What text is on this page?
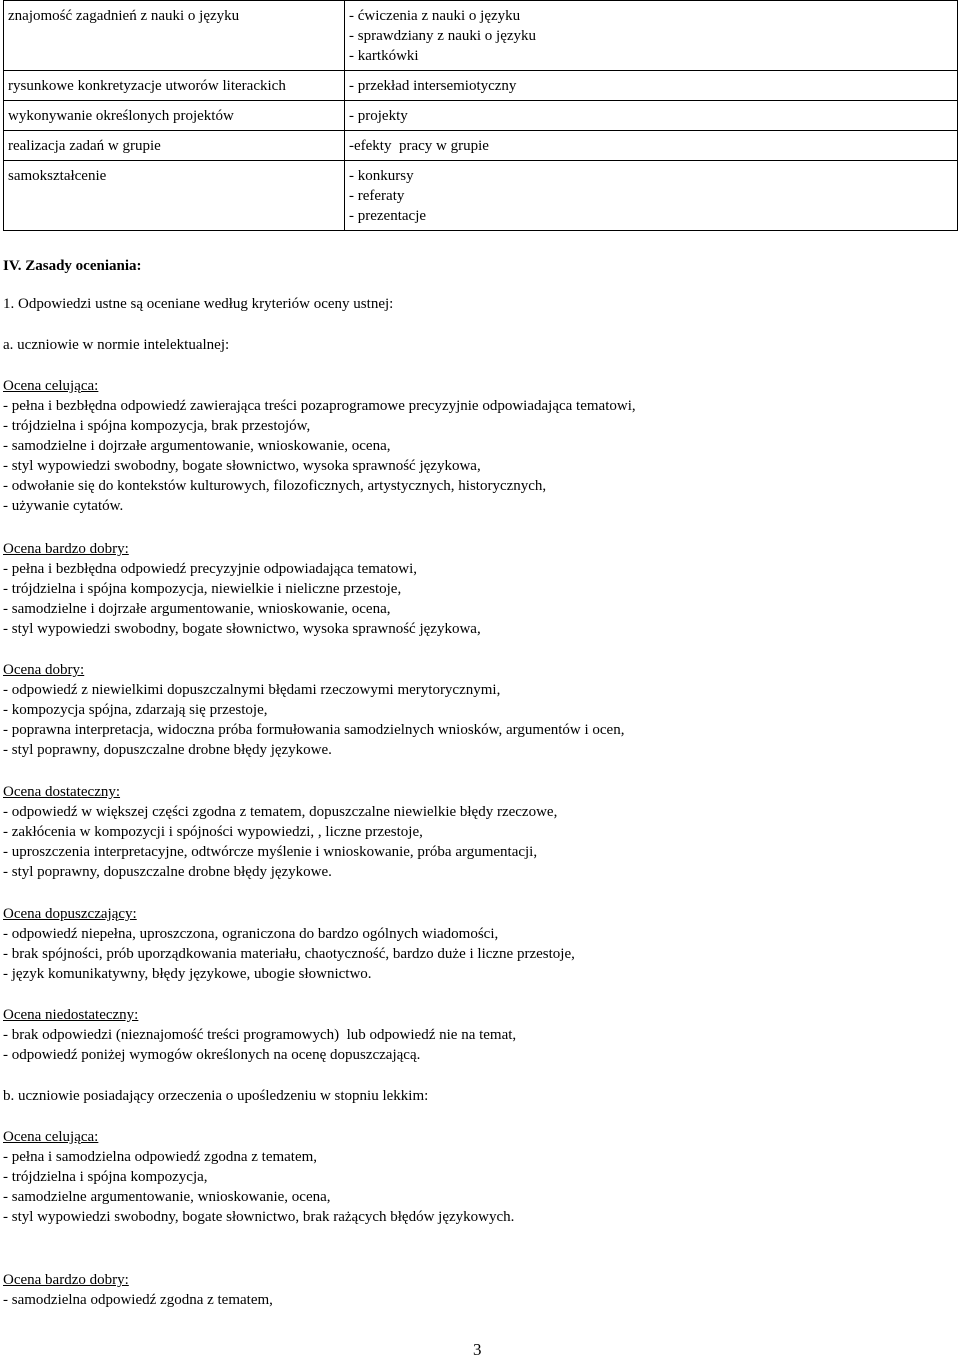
znajomość zagadnień z nauki o języku	- ćwiczenia z nauki o języku
- sprawdziany z nauki o języku
- kartkówki

rysunkowe konkretyzacje utworów literackich	- przekład intersemiotyczny

wykonywanie określonych projektów	- projekty

realizacja zadań w grupie	-efekty  pracy w grupie

samokształcenie	- konkursy
- referaty
- prezentacje
IV. Zasady oceniania:
1. Odpowiedzi ustne są oceniane według kryteriów oceny ustnej:
a. uczniowie w normie intelektualnej:
Ocena celująca:
- pełna i bezbłędna odpowiedź zawierająca treści pozaprogramowe precyzyjnie odpowiadająca tematowi,
- trójdzielna i spójna kompozycja, brak przestojów,
- samodzielne i dojrzałe argumentowanie, wnioskowanie, ocena,
- styl wypowiedzi swobodny, bogate słownictwo, wysoka sprawność językowa,
- odwołanie się do kontekstów kulturowych, filozoficznych, artystycznych, historycznych,
- używanie cytatów.
Ocena bardzo dobry:
- pełna i bezbłędna odpowiedź precyzyjnie odpowiadająca tematowi,
- trójdzielna i spójna kompozycja, niewielkie i nieliczne przestoje,
- samodzielne i dojrzałe argumentowanie, wnioskowanie, ocena,
- styl wypowiedzi swobodny, bogate słownictwo, wysoka sprawność językowa,
Ocena dobry:
- odpowiedź z niewielkimi dopuszczalnymi błędami rzeczowymi merytorycznymi,
- kompozycja spójna, zdarzają się przestoje,
- poprawna interpretacja, widoczna próba formułowania samodzielnych wniosków, argumentów i ocen,
- styl poprawny, dopuszczalne drobne błędy językowe.
Ocena dostateczny:
- odpowiedź w większej części zgodna z tematem, dopuszczalne niewielkie błędy rzeczowe,
- zakłócenia w kompozycji i spójności wypowiedzi, , liczne przestoje,
- uproszczenia interpretacyjne, odtwórcze myślenie i wnioskowanie, próba argumentacji,
- styl poprawny, dopuszczalne drobne błędy językowe.
Ocena dopuszczający:
- odpowiedź niepełna, uproszczona, ograniczona do bardzo ogólnych wiadomości,
- brak spójności, prób uporządkowania materiału, chaotyczność, bardzo duże i liczne przestoje,
- język komunikatywny, błędy językowe, ubogie słownictwo.
Ocena niedostateczny:
- brak odpowiedzi (nieznajomość treści programowych)  lub odpowiedź nie na temat,
- odpowiedź poniżej wymogów określonych na ocenę dopuszczającą.
b. uczniowie posiadający orzeczenia o upośledzeniu w stopniu lekkim:
Ocena celująca:
- pełna i samodzielna odpowiedź zgodna z tematem,
- trójdzielna i spójna kompozycja,
- samodzielne argumentowanie, wnioskowanie, ocena,
- styl wypowiedzi swobodny, bogate słownictwo, brak rażących błędów językowych.
Ocena bardzo dobry:
- samodzielna odpowiedź zgodna z tematem,
3
